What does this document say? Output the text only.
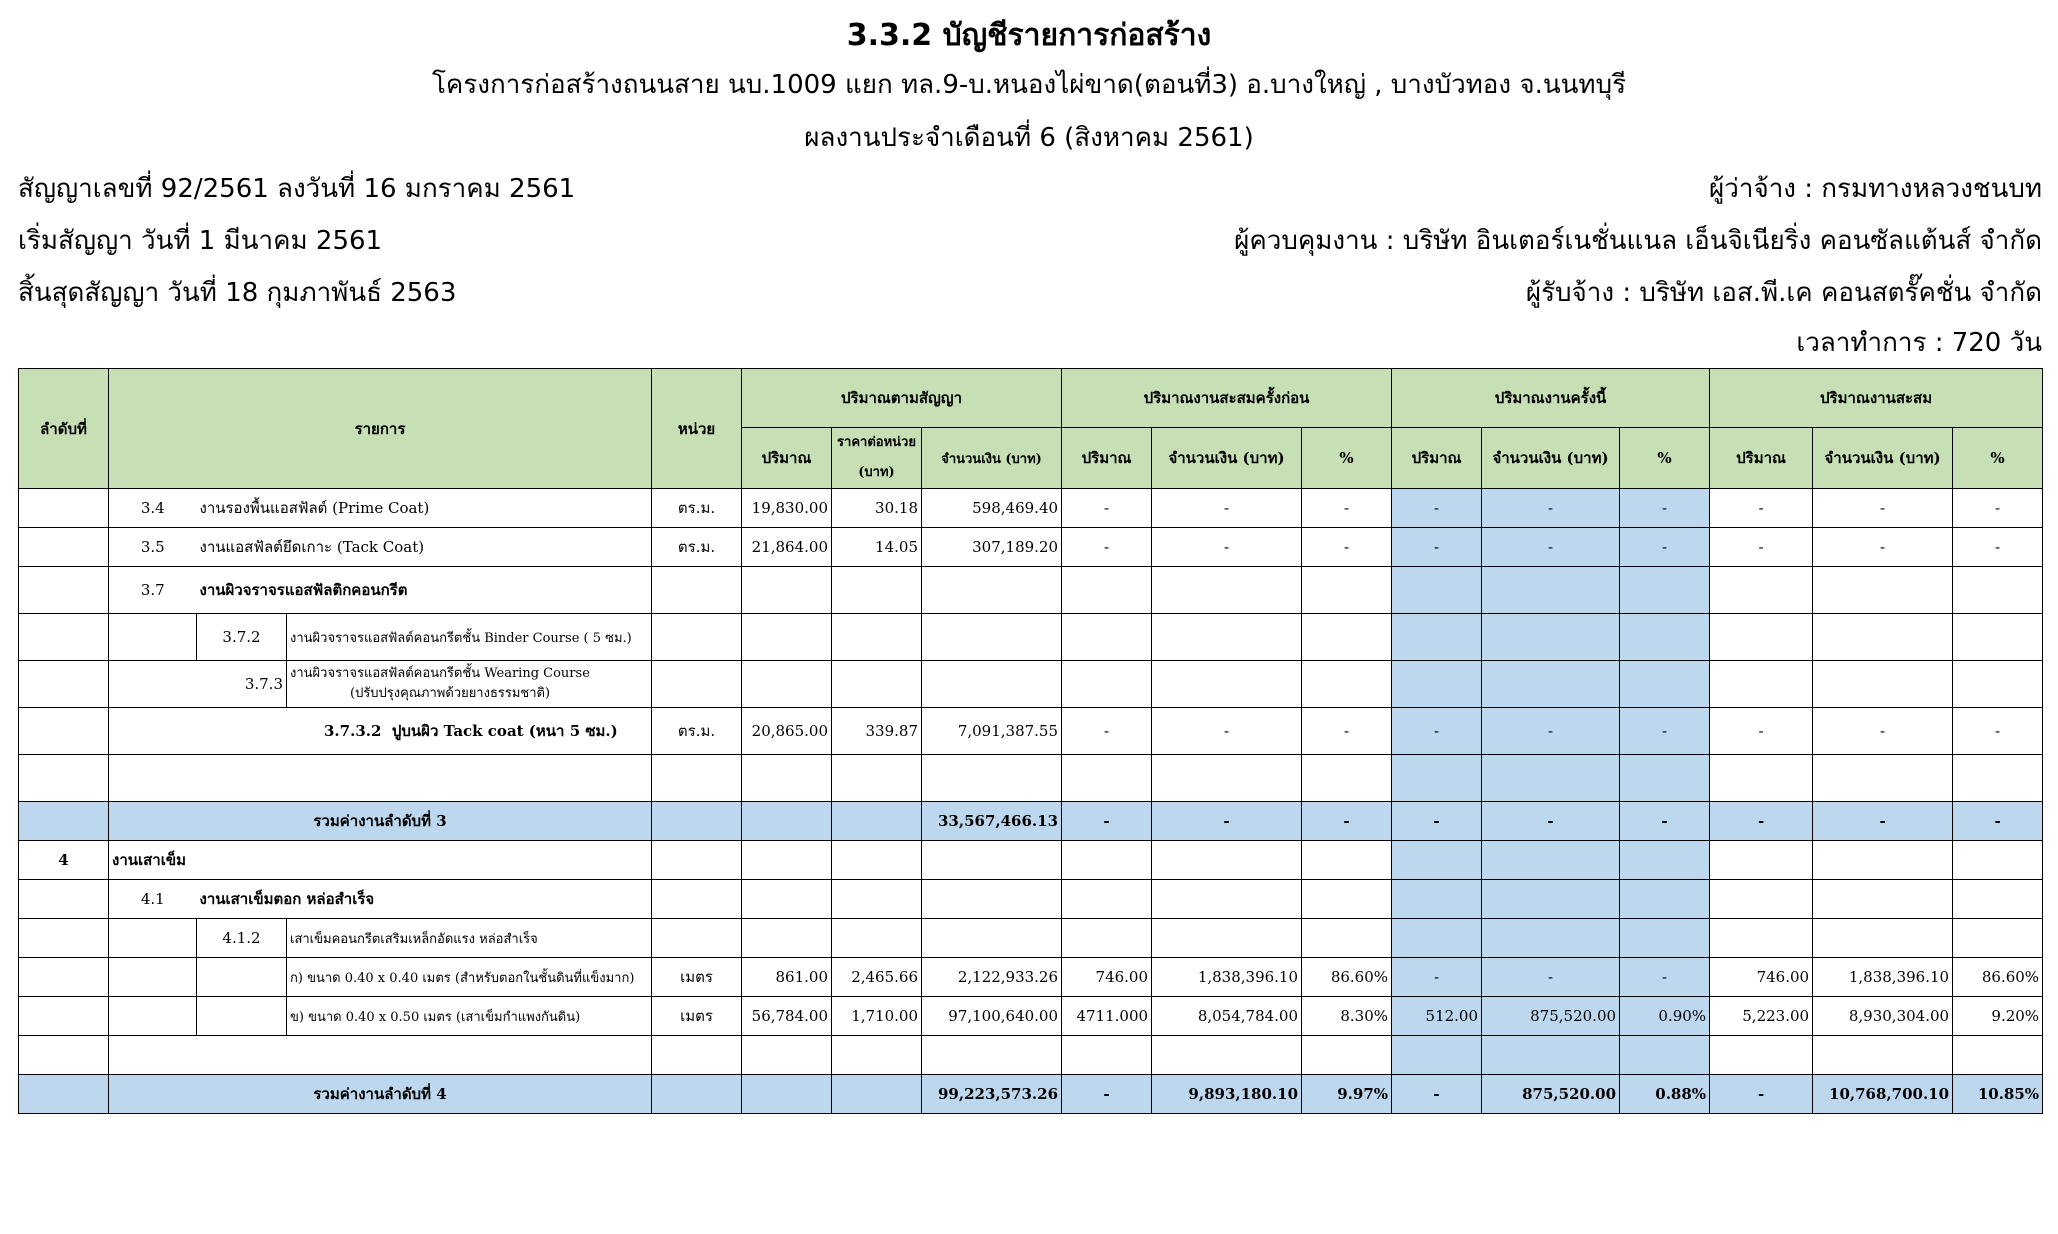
3.3.2 บัญชีรายการก่อสร้าง
โครงการก่อสร้างถนนสาย นบ.1009 แยก ทล.9-บ.หนองไผ่ขาด(ตอนที่3) อ.บางใหญ่ , บางบัวทอง จ.นนทบุรี
ผลงานประจำเดือนที่ 6 (สิงหาคม 2561)
สัญญาเลขที่ 92/2561 ลงวันที่ 16 มกราคม 2561
เริ่มสัญญา วันที่ 1 มีนาคม 2561
สิ้นสุดสัญญา วันที่ 18 กุมภาพันธ์ 2563
ผู้ว่าจ้าง : กรมทางหลวงชนบท
ผู้ควบคุมงาน : บริษัท อินเตอร์เนชั่นแนล เอ็นจิเนียริ่ง คอนซัลแต้นส์ จำกัด
ผู้รับจ้าง : บริษัท เอส.พี.เค คอนสตรั๊คชั่น จำกัด
เวลาทำการ : 720 วัน
ลำดับที่	รายการ			หน่วย	ปริมาณตามสัญญา			ปริมาณงานสะสมครั้งก่อน			ปริมาณงานครั้งนี้			ปริมาณงานสะสม		
					ปริมาณ	ราคาต่อหน่วย (บาท)	จำนวนเงิน (บาท)	ปริมาณ	จำนวนเงิน (บาท)	%	ปริมาณ	จำนวนเงิน (บาท)	%	ปริมาณ	จำนวนเงิน (บาท)	%
	3.4	งานรองพื้นแอสฟัลต์ (Prime Coat)		ตร.ม.	19,830.00	30.18	598,469.40	-	-	-	-	-	-	-	-	-
	3.5	งานแอสฟัลต์ยึดเกาะ (Tack Coat)		ตร.ม.	21,864.00	14.05	307,189.20	-	-	-	-	-	-	-	-	-
	3.7	งานผิวจราจรแอสฟัลติกคอนกรีต														
		3.7.2	งานผิวจราจรแอสฟัลต์คอนกรีตชั้น Binder Course ( 5 ซม.)													
	3.7.3		งานผิวจราจรแอสฟัลต์คอนกรีตชั้น Wearing Course
(ปรับปรุงคุณภาพด้วยยางธรรมชาติ)													

	3.7.3.2 ปูบนผิว Tack coat (หนา 5 ซม.)			ตร.ม.	20,865.00	339.87	7,091,387.55	-	-	-	-	-	-	-	-	-

	รวมค่างานลำดับที่ 3						33,567,466.13	-	-	-	-	-	-	-	-	-
4	งานเสาเข็ม															
	4.1	งานเสาเข็มตอก หล่อสำเร็จ														
		4.1.2	เสาเข็มคอนกรีตเสริมเหล็กอัดแรง หล่อสำเร็จ													
			ก) ขนาด 0.40 x 0.40 เมตร (สำหรับตอกในชั้นดินที่แข็งมาก)	เมตร	861.00	2,465.66	2,122,933.26	746.00	1,838,396.10	86.60%	-	-	-	746.00	1,838,396.10	86.60%
			ข) ขนาด 0.40 x 0.50 เมตร (เสาเข็มกำแพงกันดิน)	เมตร	56,784.00	1,710.00	97,100,640.00	4711.000	8,054,784.00	8.30%	512.00	875,520.00	0.90%	5,223.00	8,930,304.00	9.20%

	รวมค่างานลำดับที่ 4						99,223,573.26	-	9,893,180.10	9.97%	-	875,520.00	0.88%	-	10,768,700.10	10.85%
